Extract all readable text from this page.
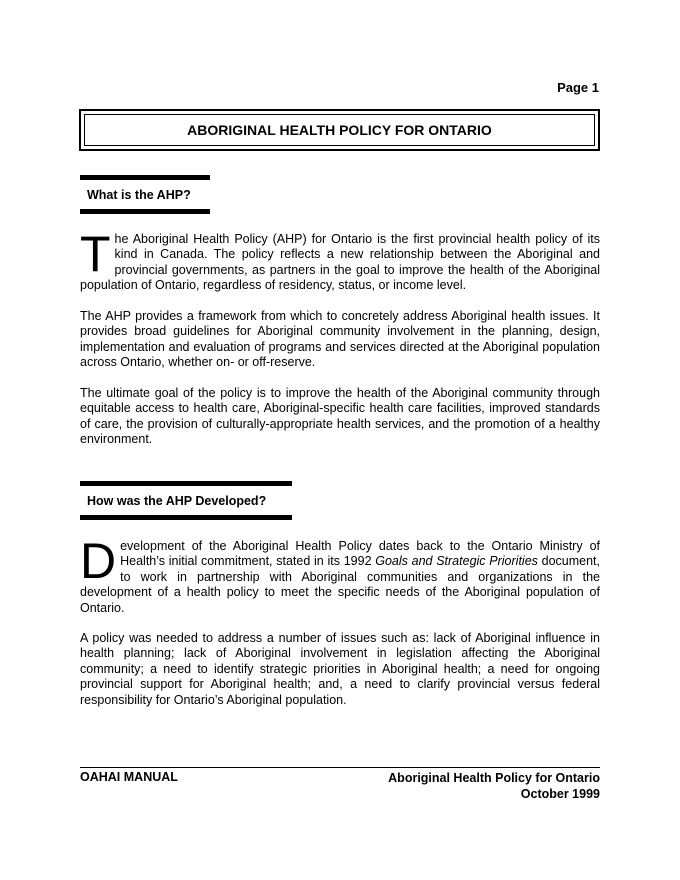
Page 1
ABORIGINAL HEALTH POLICY FOR ONTARIO
What is the AHP?

The Aboriginal Health Policy (AHP) for Ontario is the first provincial health policy of its kind in Canada. The policy reflects a new relationship between the Aboriginal and provincial governments, as partners in the goal to improve the health of the Aboriginal population of Ontario, regardless of residency, status, or income level.

The AHP provides a framework from which to concretely address Aboriginal health issues. It provides broad guidelines for Aboriginal community involvement in the planning, design, implementation and evaluation of programs and services directed at the Aboriginal population across Ontario, whether on- or off-reserve.

The ultimate goal of the policy is to improve the health of the Aboriginal community through equitable access to health care, Aboriginal-specific health care facilities, improved standards of care, the provision of culturally-appropriate health services, and the promotion of a healthy environment.

How was the AHP Developed?

Development of the Aboriginal Health Policy dates back to the Ontario Ministry of Health’s initial commitment, stated in its 1992 Goals and Strategic Priorities document, to work in partnership with Aboriginal communities and organizations in the development of a health policy to meet the specific needs of the Aboriginal population of Ontario.

A policy was needed to address a number of issues such as: lack of Aboriginal influence in health planning; lack of Aboriginal involvement in legislation affecting the Aboriginal community; a need to identify strategic priorities in Aboriginal health; a need for ongoing provincial support for Aboriginal health; and, a need to clarify provincial versus federal responsibility for Ontario’s Aboriginal population.

OAHAI MANUAL	Aboriginal Health Policy for Ontario
October 1999
